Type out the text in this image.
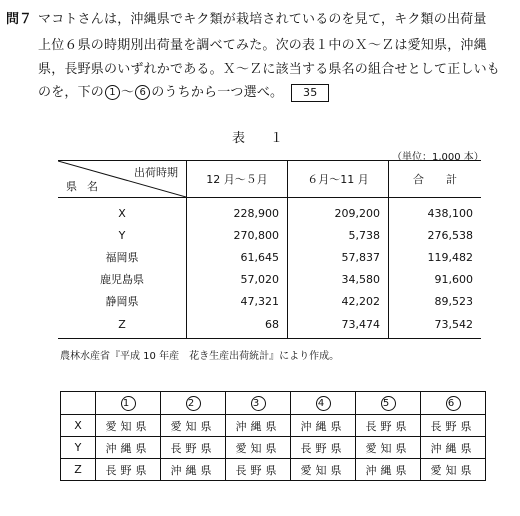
問７ マコトさんは，沖縄県でキク類が栽培されているのを見て，キク類の出荷量
上位６県の時期別出荷量を調べてみた。次の表１中のＸ～Ｚは愛知県，沖縄
県，長野県のいずれかである。Ｘ～Ｚに該当する県名の組合せとして正しいも
のを，下の 1 ～ 6 のうちから一つ選べ。 35
表　１
（単位：1,000 本）
出荷時期
県名	12 月～５月	６月～11 月	合　　計
X	228,900	209,200	438,100
Y	270,800	5,738	276,538
福岡県	61,645	57,837	119,482
鹿児島県	57,020	34,580	91,600
静岡県	47,321	42,202	89,523
Z	68	73,474	73,542
農林水産省『平成 10 年産　花き生産出荷統計』により作成。
	1	2	3	4	5	6
X	愛知県	愛知県	沖縄県	沖縄県	長野県	長野県
Y	沖縄県	長野県	愛知県	長野県	愛知県	沖縄県
Z	長野県	沖縄県	長野県	愛知県	沖縄県	愛知県
